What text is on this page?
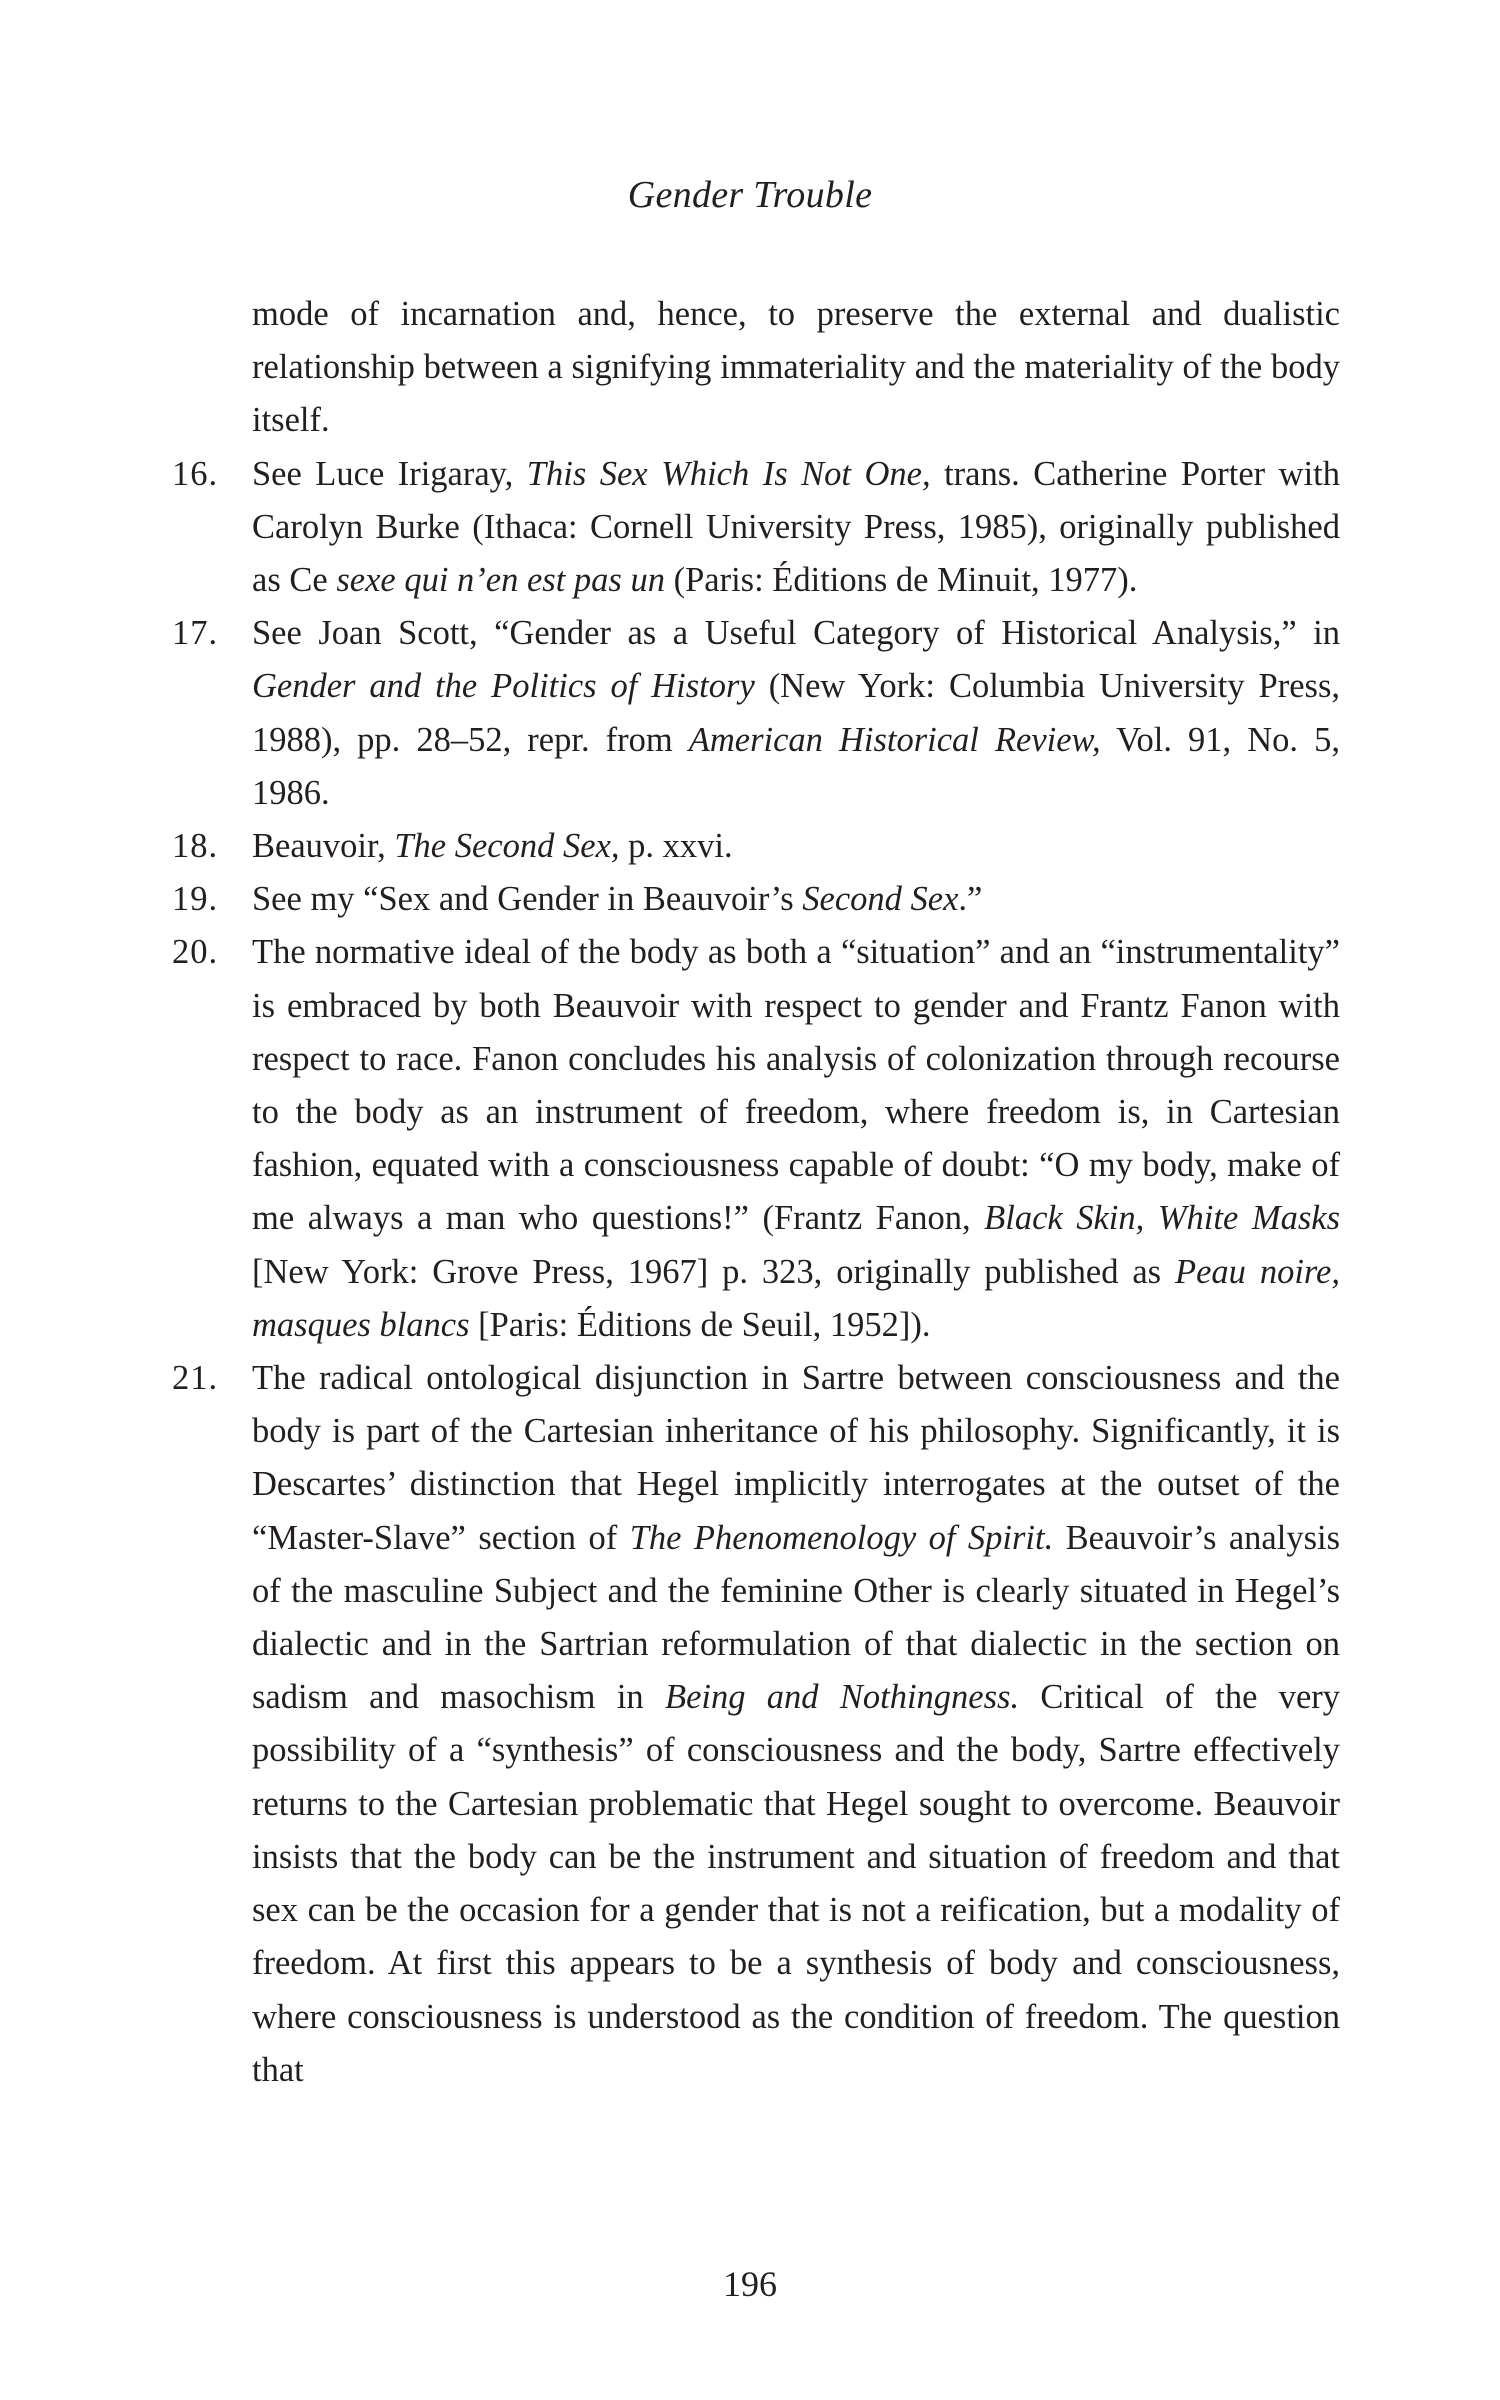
Gender Trouble
mode of incarnation and, hence, to preserve the external and dualistic relationship between a signifying immateriality and the materiality of the body itself.
16. See Luce Irigaray, This Sex Which Is Not One, trans. Catherine Porter with Carolyn Burke (Ithaca: Cornell University Press, 1985), originally published as Ce sexe qui n’en est pas un (Paris: Éditions de Minuit, 1977).
17. See Joan Scott, “Gender as a Useful Category of Historical Analysis,” in Gender and the Politics of History (New York: Columbia University Press, 1988), pp. 28–52, repr. from American Historical Review, Vol. 91, No. 5, 1986.
18. Beauvoir, The Second Sex, p. xxvi.
19. See my “Sex and Gender in Beauvoir’s Second Sex.”
20. The normative ideal of the body as both a “situation” and an “instrumentality” is embraced by both Beauvoir with respect to gender and Frantz Fanon with respect to race. Fanon concludes his analysis of colonization through recourse to the body as an instrument of freedom, where freedom is, in Cartesian fashion, equated with a consciousness capable of doubt: “O my body, make of me always a man who questions!” (Frantz Fanon, Black Skin, White Masks [New York: Grove Press, 1967] p. 323, originally published as Peau noire, masques blancs [Paris: Éditions de Seuil, 1952]).
21. The radical ontological disjunction in Sartre between consciousness and the body is part of the Cartesian inheritance of his philosophy. Significantly, it is Descartes’ distinction that Hegel implicitly interrogates at the outset of the “Master-Slave” section of The Phenomenology of Spirit. Beauvoir’s analysis of the masculine Subject and the feminine Other is clearly situated in Hegel’s dialectic and in the Sartrian reformulation of that dialectic in the section on sadism and masochism in Being and Nothingness. Critical of the very possibility of a “synthesis” of consciousness and the body, Sartre effectively returns to the Cartesian problematic that Hegel sought to overcome. Beauvoir insists that the body can be the instrument and situation of freedom and that sex can be the occasion for a gender that is not a reification, but a modality of freedom. At first this appears to be a synthesis of body and consciousness, where consciousness is understood as the condition of freedom. The question that
196
